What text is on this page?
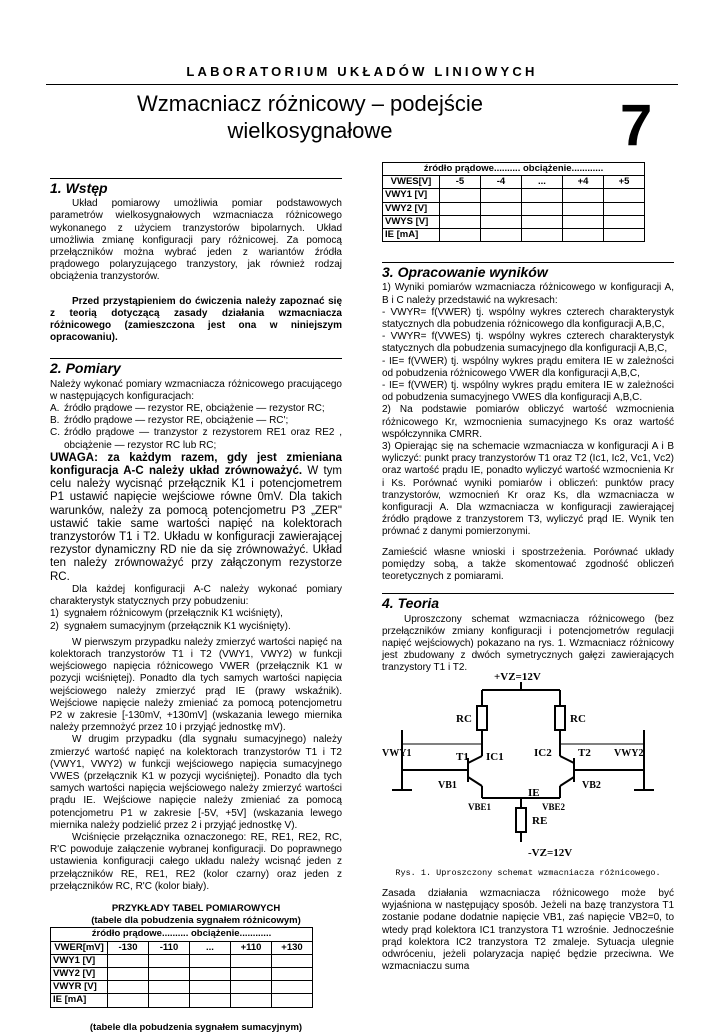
LABORATORIUM UKŁADÓW LINIOWYCH
Wzmacniacz różnicowy – podejście
wielkosygnałowe	7
1. Wstęp

Układ pomiarowy umożliwia pomiar podstawowych parametrów wielkosygnałowych wzmacniacza różnicowego wykonanego z użyciem tranzystorów bipolarnych. Układ umożliwia zmianę konfiguracji pary różnicowej. Za pomocą przełączników można wybrać jeden z wariantów źródła prądowego polaryzującego tranzystory, jak również rodzaj obciążenia tranzystorów.

Przed przystąpieniem do ćwiczenia należy zapoznać się z teorią dotyczącą zasady działania wzmacniacza różnicowego (zamieszczona jest ona w niniejszym opracowaniu).

2. Pomiary

Należy wykonać pomiary wzmacniacza różnicowego pracującego w następujących konfiguracjach:

A. źródło prądowe — rezystor RE, obciążenie — rezystor RC;
B. źródło prądowe — rezystor RE, obciążenie — RC';
C. źródło prądowe — tranzystor z rezystorem RE1 oraz RE2 , obciążenie — rezystor RC lub RC;

UWAGA: za każdym razem, gdy jest zmieniana konfiguracja A-C należy układ zrównoważyć. W tym celu należy wycisnąć przełącznik K1 i potencjometrem P1 ustawić napięcie wejściowe równe 0mV. Dla takich warunków, należy za pomocą potencjometru P3 „ZER" ustawić takie same wartości napięć na kolektorach tranzystorów T1 i T2. Układu w konfiguracji zawierającej rezystor dynamiczny RD nie da się zrównoważyć. Układ ten należy zrównoważyć przy załączonym rezystorze RC.

Dla każdej konfiguracji A-C należy wykonać pomiary charakterystyk statycznych przy pobudzeniu:

1) sygnałem różnicowym (przełącznik K1 wciśnięty),
2) sygnałem sumacyjnym (przełącznik K1 wyciśnięty).

W pierwszym przypadku należy zmierzyć wartości napięć na kolektorach tranzystorów T1 i T2 (VWY1, VWY2) w funkcji wejściowego napięcia różnicowego VWER (przełącznik K1 w pozycji wciśniętej). Ponadto dla tych samych wartości napięcia wejściowego należy zmierzyć prąd IE (prawy wskaźnik). Wejściowe napięcie należy zmieniać za pomocą potencjometru P2 w zakresie [-130mV, +130mV] (wskazania lewego miernika należy przemnożyć przez 10 i przyjąć jednostkę mV).

W drugim przypadku (dla sygnału sumacyjnego) należy zmierzyć wartość napięć na kolektorach tranzystorów T1 i T2 (VWY1, VWY2) w funkcji wejściowego napięcia sumacyjnego VWES (przełącznik K1 w pozycji wyciśniętej). Ponadto dla tych samych wartości napięcia wejściowego należy zmierzyć wartości prądu IE. Wejściowe napięcie należy zmieniać za pomocą potencjometru P1 w zakresie [-5V, +5V] (wskazania lewego miernika należy podzielić przez 2 i przyjąć jednostkę V).

Wciśnięcie przełącznika oznaczonego: RE, RE1, RE2, RC, R'C powoduje załączenie wybranej konfiguracji. Do poprawnego ustawienia konfiguracji całego układu należy wcisnąć jeden z przełączników RE, RE1, RE2 (kolor czarny) oraz jeden z przełączników RC, R'C (kolor biały).

PRZYKŁADY TABEL POMIAROWYCH
(tabele dla pobudzenia sygnałem różnicowym)
źródło prądowe.......... obciążenie............					
VWER[mV]	-130	-110	...	+110	+130
VWY1 [V]					
VWY2 [V]					
VWYR [V]					
IE [mA]					
(tabele dla pobudzenia sygnałem sumacyjnym)
źródło prądowe.......... obciążenie............					
VWES[V]	-5	-4	...	+4	+5
VWY1 [V]					
VWY2 [V]					
VWYS [V]					
IE [mA]					
3. Opracowanie wyników

1) Wyniki pomiarów wzmacniacza różnicowego w konfiguracji A, B i C należy przedstawić na wykresach:

- VWYR= f(VWER) tj. wspólny wykres czterech charakterystyk statycznych dla pobudzenia różnicowego dla konfiguracji A,B,C,

- VWYR= f(VWES) tj. wspólny wykres czterech charakterystyk statycznych dla pobudzenia sumacyjnego dla konfiguracji A,B,C,

- IE= f(VWER) tj. wspólny wykres prądu emitera IE w zależności od pobudzenia różnicowego VWER dla konfiguracji A,B,C,

- IE= f(VWER) tj. wspólny wykres prądu emitera IE w zależności od pobudzenia sumacyjnego VWES dla konfiguracji A,B,C.

2) Na podstawie pomiarów obliczyć wartość wzmocnienia różnicowego Kr, wzmocnienia sumacyjnego Ks oraz wartość współczynnika CMRR.

3) Opierając się na schemacie wzmacniacza w konfiguracji A i B wyliczyć: punkt pracy tranzystorów T1 oraz T2 (Ic1, Ic2, Vc1, Vc2) oraz wartość prądu IE, ponadto wyliczyć wartość wzmocnienia Kr i Ks. Porównać wyniki pomiarów i obliczeń: punktów pracy tranzystorów, wzmocnień Kr oraz Ks, dla wzmacniacza w konfiguracji A. Dla wzmacniacza w konfiguracji zawierającej źródło prądowe z tranzystorem T3, wyliczyć prąd IE. Wynik ten prównać z danymi pomierzonymi.

Zamieścić własne wnioski i spostrzeżenia. Porównać układy pomiędzy sobą, a także skomentować zgodność obliczeń teoretycznych z pomiarami.

4. Teoria

Uproszczony schemat wzmacniacza różnicowego (bez przełączników zmiany konfiguracji i potencjometrów regulacji napięć wejściowych) pokazano na rys. 1. Wzmacniacz różnicowy jest zbudowany z dwóch symetrycznych gałęzi zawierających tranzystory T1 i T2.

+VZ=12V
RC	RC
T1	T2
IC1	IC2
IE
RE
-VZ=12V
VWY1	VWY2
VB1	VB2
VBE1	VBE2
Rys. 1. Uproszczony schemat wzmacniacza różnicowego.

Zasada działania wzmacniacza różnicowego może być wyjaśniona w następujący sposób. Jeżeli na bazę tranzystora T1 zostanie podane dodatnie napięcie VB1, zaś napięcie VB2=0, to wtedy prąd kolektora IC1 tranzystora T1 wzrośnie. Jednocześnie prąd kolektora IC2 tranzystora T2 zmaleje. Sytuacja ulegnie odwróceniu, jeżeli polaryzacja napięć będzie przeciwna. We wzmacniaczu suma
